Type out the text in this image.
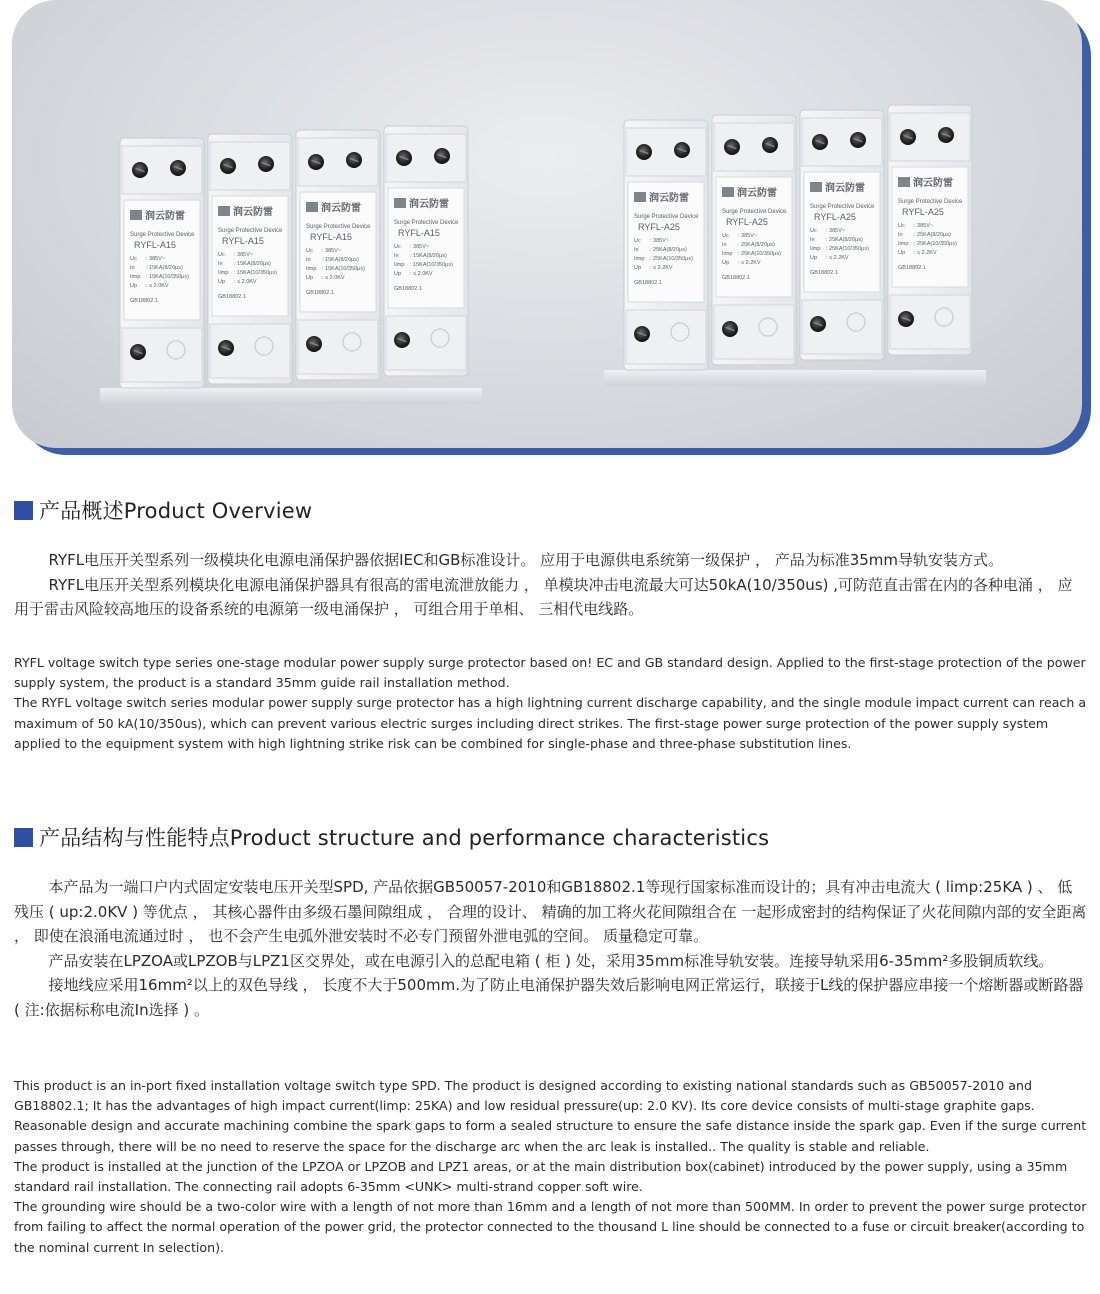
润云防雷
Surge Protective Device
RYFL-A15
Uc : 385V~
In : 15KA(8/20μs)
Iimp : 15KA(10/350μs)
Up : ≤ 2.0KV
GB18802.1
润云防雷
Surge Protective Device
RYFL-A15
Uc : 385V~
In : 15KA(8/20μs)
Iimp : 15KA(10/350μs)
Up : ≤ 2.0KV
GB18802.1
润云防雷
Surge Protective Device
RYFL-A15
Uc : 385V~
In : 15KA(8/20μs)
Iimp : 15KA(10/350μs)
Up : ≤ 2.0KV
GB18802.1
润云防雷
Surge Protective Device
RYFL-A15
Uc : 385V~
In : 15KA(8/20μs)
Iimp : 15KA(10/350μs)
Up : ≤ 2.0KV
GB18802.1
润云防雷
Surge Protective Device
RYFL-A25
Uc : 385V~
In : 25KA(8/20μs)
Iimp : 25KA(10/350μs)
Up : ≤ 2.2KV
GB18802.1
润云防雷
Surge Protective Device
RYFL-A25
Uc : 385V~
In : 25KA(8/20μs)
Iimp : 25KA(10/350μs)
Up : ≤ 2.2KV
GB18802.1
润云防雷
Surge Protective Device
RYFL-A25
Uc : 385V~
In : 25KA(8/20μs)
Iimp : 25KA(10/350μs)
Up : ≤ 2.2KV
GB18802.1
润云防雷
Surge Protective Device
RYFL-A25
Uc : 385V~
In : 25KA(8/20μs)
Iimp : 25KA(10/350μs)
Up : ≤ 2.2KV
GB18802.1
产品概述Product Overview

RYFL电压开关型系列一级模块化电源电涌保护器依据IEC和GB标准设计。 应用于电源供电系统第一级保护 ， 产品为标准35mm导轨安装方式。

RYFL电压开关型系列模块化电源电涌保护器具有很高的雷电流泄放能力 ， 单模块冲击电流最大可达50kA(10/350us) ,可防范直击雷在内的各种电涌 ， 应用于雷击风险较高地压的设备系统的电源第一级电涌保护 ， 可组合用于单相、 三相代电线路。

RYFL voltage switch type series one-stage modular power supply surge protector based on! EC and GB standard design. Applied to the first-stage protection of the power supply system, the product is a standard 35mm guide rail installation method.

The RYFL voltage switch series modular power supply surge protector has a high lightning current discharge capability, and the single module impact current can reach a maximum of 50 kA(10/350us), which can prevent various electric surges including direct strikes. The first-stage power surge protection of the power supply system applied to the equipment system with high lightning strike risk can be combined for single-phase and three-phase substitution lines.

产品结构与性能特点Product structure and performance characteristics

本产品为一端口户内式固定安装电压开关型SPD, 产品依据GB50057-2010和GB18802.1等现行国家标准而设计的；具有冲击电流大 ( limp:25KA ) 、 低残压 ( up:2.0KV ) 等优点 ， 其核心器件由多级石墨间隙组成 ， 合理的设计、 精确的加工将火花间隙组合在 一起形成密封的结构保证了火花间隙内部的安全距离 ， 即使在浪涌电流通过时 ， 也不会产生电弧外泄安装时不必专门预留外泄电弧的空间。 质量稳定可靠。

产品安装在LPZOA或LPZOB与LPZ1区交界处，或在电源引入的总配电箱 ( 柜 ) 处，采用35mm标准导轨安装。连接导轨采用6-35mm²多股铜质软线。

接地线应采用16mm²以上的双色导线 ， 长度不大于500mm.为了防止电涌保护器失效后影响电网正常运行，联接于L线的保护器应串接一个熔断器或断路器 ( 注:依据标称电流In选择 ) 。

This product is an in-port fixed installation voltage switch type SPD. The product is designed according to existing national standards such as GB50057-2010 and GB18802.1; It has the advantages of high impact current(limp: 25KA) and low residual pressure(up: 2.0 KV). Its core device consists of multi-stage graphite gaps. Reasonable design and accurate machining combine the spark gaps to form a sealed structure to ensure the safe distance inside the spark gap. Even if the surge current passes through, there will be no need to reserve the space for the discharge arc when the arc leak is installed.. The quality is stable and reliable.

The product is installed at the junction of the LPZOA or LPZOB and LPZ1 areas, or at the main distribution box(cabinet) introduced by the power supply, using a 35mm standard rail installation. The connecting rail adopts 6-35mm <UNK> multi-strand copper soft wire.

The grounding wire should be a two-color wire with a length of not more than 16mm and a length of not more than 500MM. In order to prevent the power surge protector from failing to affect the normal operation of the power grid, the protector connected to the thousand L line should be connected to a fuse or circuit breaker(according to the nominal current In selection).
